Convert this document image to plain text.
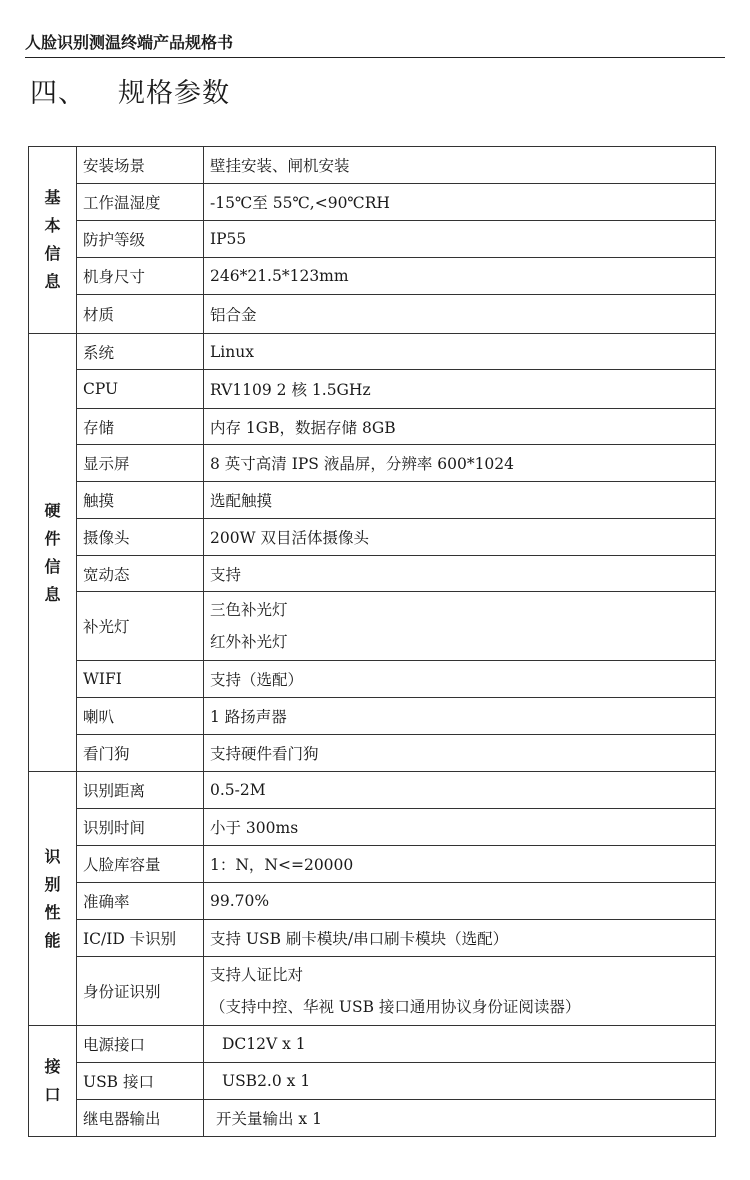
人脸识别测温终端产品规格书
四、 规格参数
基
本
信
息	安装场景	壁挂安装、闸机安装
	工作温湿度	-15℃至 55℃,<90℃RH
	防护等级	IP55
	机身尺寸	246*21.5*123mm
	材质	铝合金

硬
件
信
息	系统	Linux
	CPU	RV1109 2 核 1.5GHz
	存储	内存 1GB，数据存储 8GB
	显示屏	8 英寸高清 IPS 液晶屏，分辨率 600*1024
	触摸	选配触摸
	摄像头	200W 双目活体摄像头
	宽动态	支持
	补光灯	三色补光灯
红外补光灯

	WIFI	支持（选配）
	喇叭	1 路扬声器
	看门狗	支持硬件看门狗

识
别
性
能	识别距离	0.5-2M
	识别时间	小于 300ms
	人脸库容量	1：N，N<=20000
	准确率	99.70%
	IC/ID 卡识别	支持 USB 刷卡模块/串口刷卡模块（选配）
	身份证识别	支持人证比对
（支持中控、华视 USB 接口通用协议身份证阅读器）

接
口	电源接口	DC12V x 1
	USB 接口	USB2.0 x 1
	继电器输出	开关量输出 x 1
